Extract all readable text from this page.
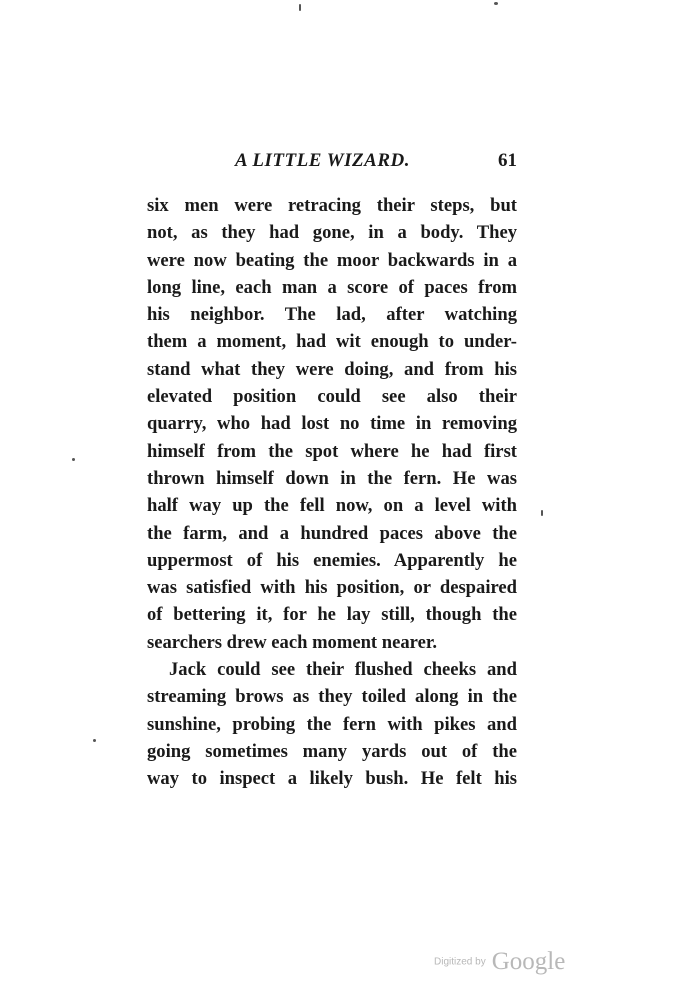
A LITTLE WIZARD.	61
six men were retracing their steps, but
not, as they had gone, in a body. They
were now beating the moor backwards in a
long line, each man a score of paces from
his neighbor. The lad, after watching
them a moment, had wit enough to under-
stand what they were doing, and from his
elevated position could see also their
quarry, who had lost no time in removing
himself from the spot where he had first
thrown himself down in the fern. He was
half way up the fell now, on a level with
the farm, and a hundred paces above the
uppermost of his enemies. Apparently he
was satisfied with his position, or despaired
of bettering it, for he lay still, though the
searchers drew each moment nearer.
Jack could see their flushed cheeks and
streaming brows as they toiled along in the
sunshine, probing the fern with pikes and
going sometimes many yards out of the
way to inspect a likely bush. He felt his
Digitized by Google
